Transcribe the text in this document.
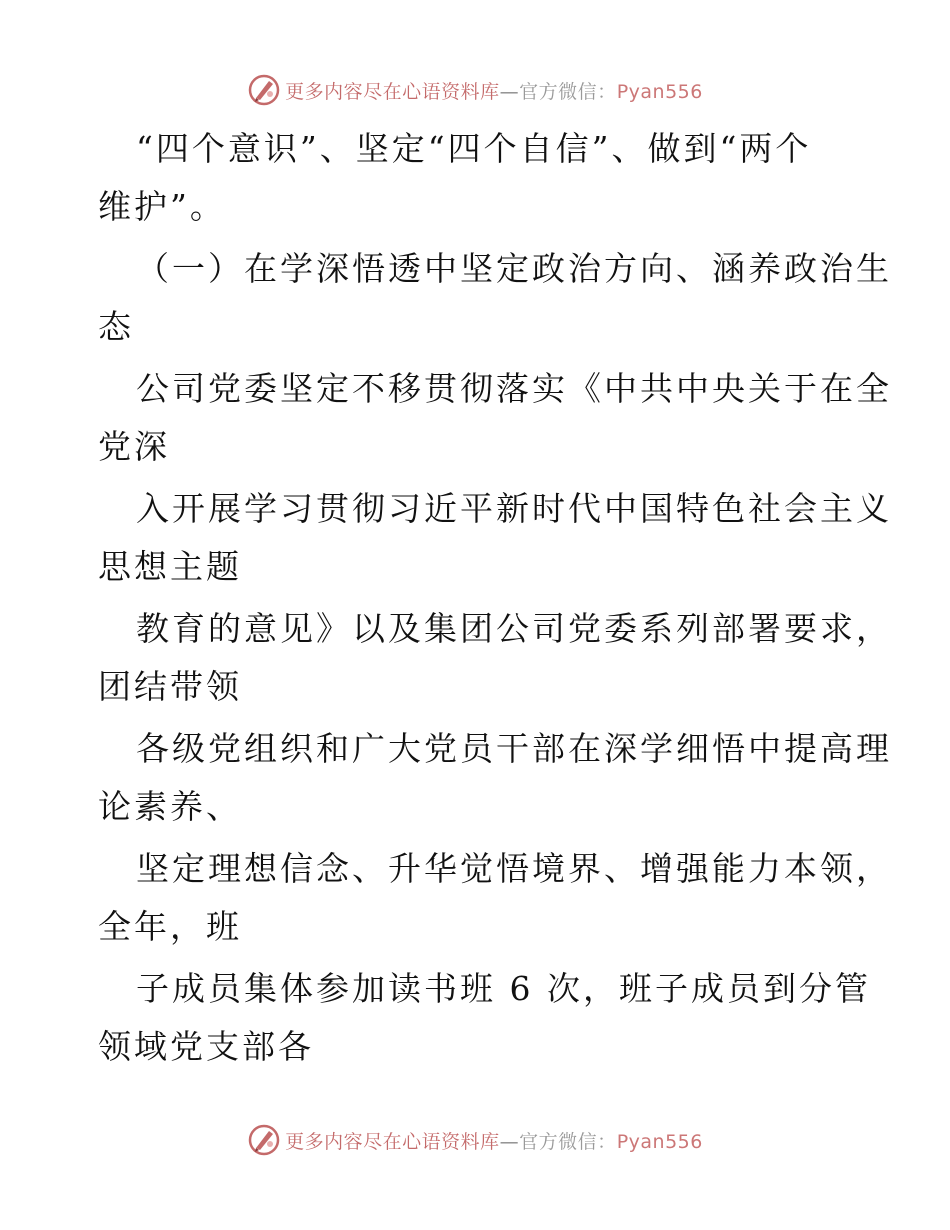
更多内容尽在心语资料库—官方微信：Pyan556
“四个意识”、坚定“四个自信”、做到“两个
维护”。
（一）在学深悟透中坚定政治方向、涵养政治生
态
公司党委坚定不移贯彻落实《中共中央关于在全
党深
入开展学习贯彻习近平新时代中国特色社会主义
思想主题
教育的意见》以及集团公司党委系列部署要求，
团结带领
各级党组织和广大党员干部在深学细悟中提高理
论素养、
坚定理想信念、升华觉悟境界、增强能力本领，
全年，班
子成员集体参加读书班 6 次，班子成员到分管
领域党支部各
更多内容尽在心语资料库—官方微信：Pyan556
